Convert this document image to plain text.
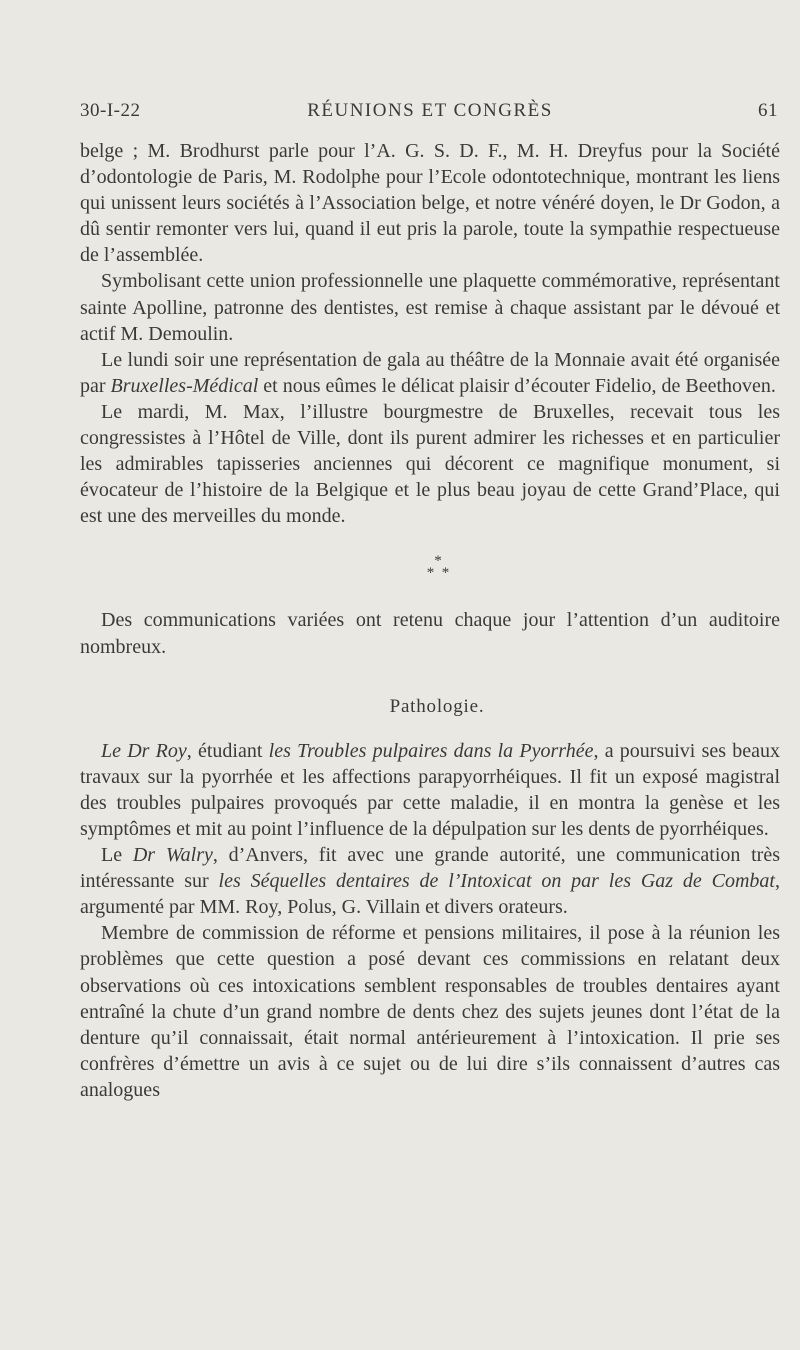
30-I-22	RÉUNIONS ET CONGRÈS	61

belge ; M. Brodhurst parle pour l’A. G. S. D. F., M. H. Dreyfus pour la Société d’odontologie de Paris, M. Rodolphe pour l’Ecole odontotechnique, montrant les liens qui unissent leurs sociétés à l’Association belge, et notre vénéré doyen, le Dr Godon, a dû sentir remonter vers lui, quand il eut pris la parole, toute la sympathie respectueuse de l’assemblée.

Symbolisant cette union professionnelle une plaquette commémorative, représentant sainte Apolline, patronne des dentistes, est remise à chaque assistant par le dévoué et actif M. Demoulin.

Le lundi soir une représentation de gala au théâtre de la Monnaie avait été organisée par Bruxelles-Médical et nous eûmes le délicat plaisir d’écouter Fidelio, de Beethoven.

Le mardi, M. Max, l’illustre bourgmestre de Bruxelles, recevait tous les congressistes à l’Hôtel de Ville, dont ils purent admirer les richesses et en particulier les admirables tapisseries anciennes qui décorent ce magnifique monument, si évocateur de l’histoire de la Belgique et le plus beau joyau de cette Grand’Place, qui est une des merveilles du monde.

*
*  *

Des communications variées ont retenu chaque jour l’attention d’un auditoire nombreux.

Pathologie.

Le Dr Roy, étudiant les Troubles pulpaires dans la Pyorrhée, a poursuivi ses beaux travaux sur la pyorrhée et les affections parapyorrhéiques. Il fit un exposé magistral des troubles pulpaires provoqués par cette maladie, il en montra la genèse et les symptômes et mit au point l’influence de la dépulpation sur les dents de pyorrhéiques.

Le Dr Walry, d’Anvers, fit avec une grande autorité, une communication très intéressante sur les Séquelles dentaires de l’Intoxicat on par les Gaz de Combat, argumenté par MM. Roy, Polus, G. Villain et divers orateurs.

Membre de commission de réforme et pensions militaires, il pose à la réunion les problèmes que cette question a posé devant ces commissions en relatant deux observations où ces intoxications semblent responsables de troubles dentaires ayant entraîné la chute d’un grand nombre de dents chez des sujets jeunes dont l’état de la denture qu’il connaissait, était normal antérieurement à l’intoxication. Il prie ses confrères d’émettre un avis à ce sujet ou de lui dire s’ils connaissent d’autres cas analogues
